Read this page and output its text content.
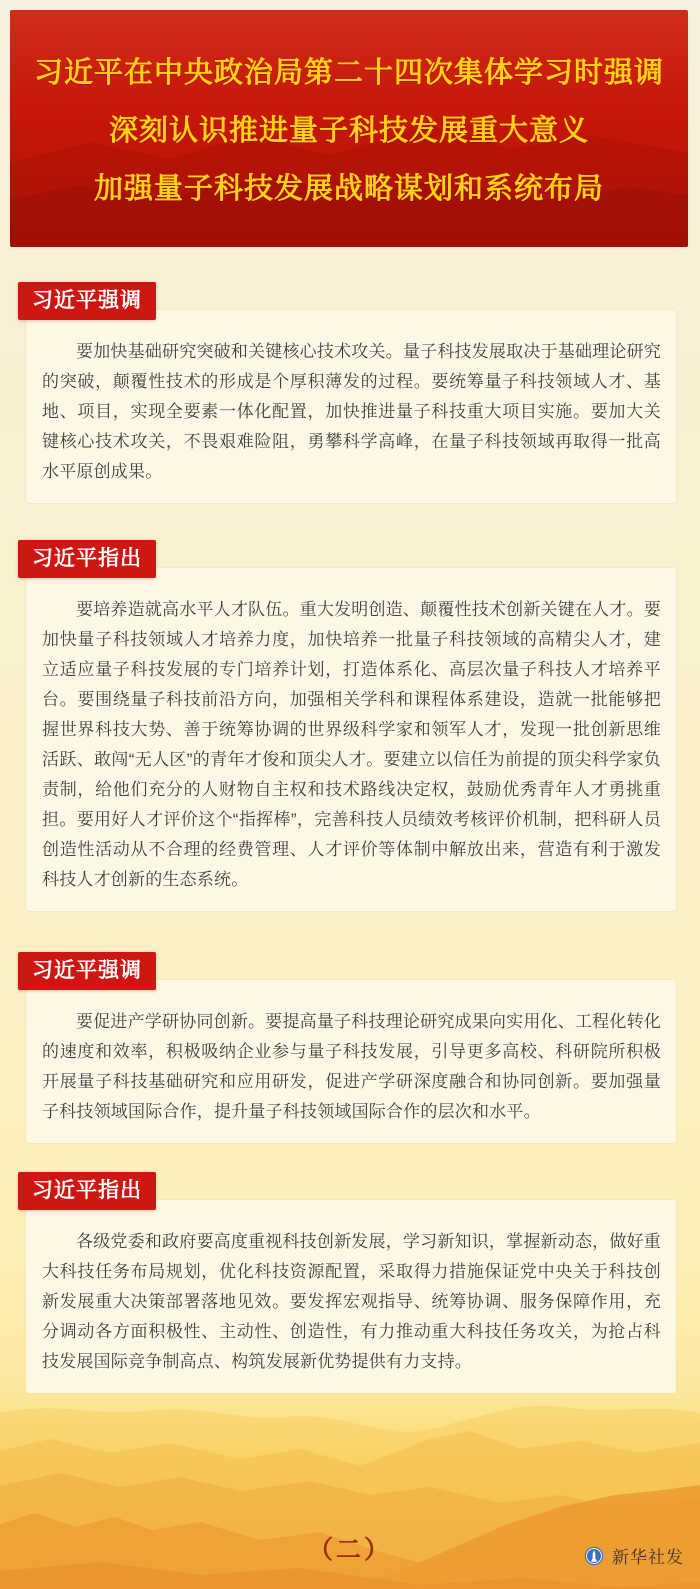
习近平在中央政治局第二十四次集体学习时强调
深刻认识推进量子科技发展重大意义
加强量子科技发展战略谋划和系统布局
习近平强调

要加快基础研究突破和关键核心技术攻关。量子科技发展取决于基础理论研究的突破，颠覆性技术的形成是个厚积薄发的过程。要统筹量子科技领域人才、基地、项目，实现全要素一体化配置，加快推进量子科技重大项目实施。要加大关键核心技术攻关，不畏艰难险阻，勇攀科学高峰，在量子科技领域再取得一批高水平原创成果。

习近平指出

要培养造就高水平人才队伍。重大发明创造、颠覆性技术创新关键在人才。要加快量子科技领域人才培养力度，加快培养一批量子科技领域的高精尖人才，建立适应量子科技发展的专门培养计划，打造体系化、高层次量子科技人才培养平台。要围绕量子科技前沿方向，加强相关学科和课程体系建设，造就一批能够把握世界科技大势、善于统筹协调的世界级科学家和领军人才，发现一批创新思维活跃、敢闯“无人区”的青年才俊和顶尖人才。要建立以信任为前提的顶尖科学家负责制，给他们充分的人财物自主权和技术路线决定权，鼓励优秀青年人才勇挑重担。要用好人才评价这个“指挥棒”，完善科技人员绩效考核评价机制，把科研人员创造性活动从不合理的经费管理、人才评价等体制中解放出来，营造有利于激发科技人才创新的生态系统。

习近平强调

要促进产学研协同创新。要提高量子科技理论研究成果向实用化、工程化转化的速度和效率，积极吸纳企业参与量子科技发展，引导更多高校、科研院所积极开展量子科技基础研究和应用研发，促进产学研深度融合和协同创新。要加强量子科技领域国际合作，提升量子科技领域国际合作的层次和水平。

习近平指出

各级党委和政府要高度重视科技创新发展，学习新知识，掌握新动态，做好重大科技任务布局规划，优化科技资源配置，采取得力措施保证党中央关于科技创新发展重大决策部署落地见效。要发挥宏观指导、统筹协调、服务保障作用，充分调动各方面积极性、主动性、创造性，有力推动重大科技任务攻关，为抢占科技发展国际竞争制高点、构筑发展新优势提供有力支持。

（二）	新华社发
